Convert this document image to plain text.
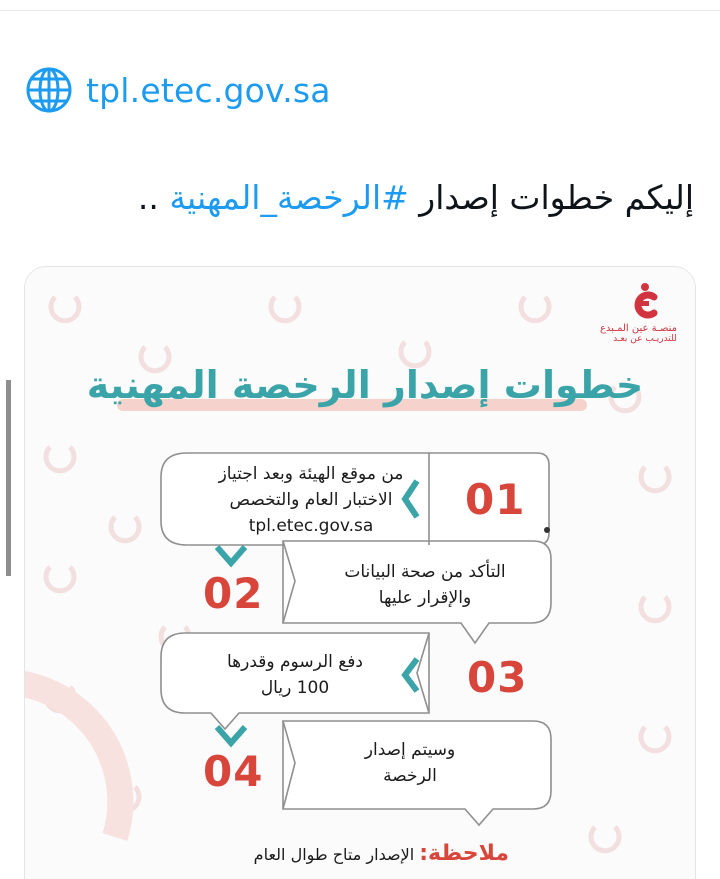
tpl.etec.gov.sa
إليكم خطوات إصدار #الرخصة_المهنية ..
منصـة عين المـبدع
للتدريـب عن بعـد
خطوات إصدار الرخصة المهنية
01
من موقع الهيئة وبعد اجتياز
الاختبار العام والتخصص
tpl.etec.gov.sa
02	التأكد من صحة البيانات
والإقرار عليها
03
دفع الرسوم وقدرها
100 ريال
04	وسيتم إصدار
الرخصة
ملاحظة: الإصدار متاح طوال العام
